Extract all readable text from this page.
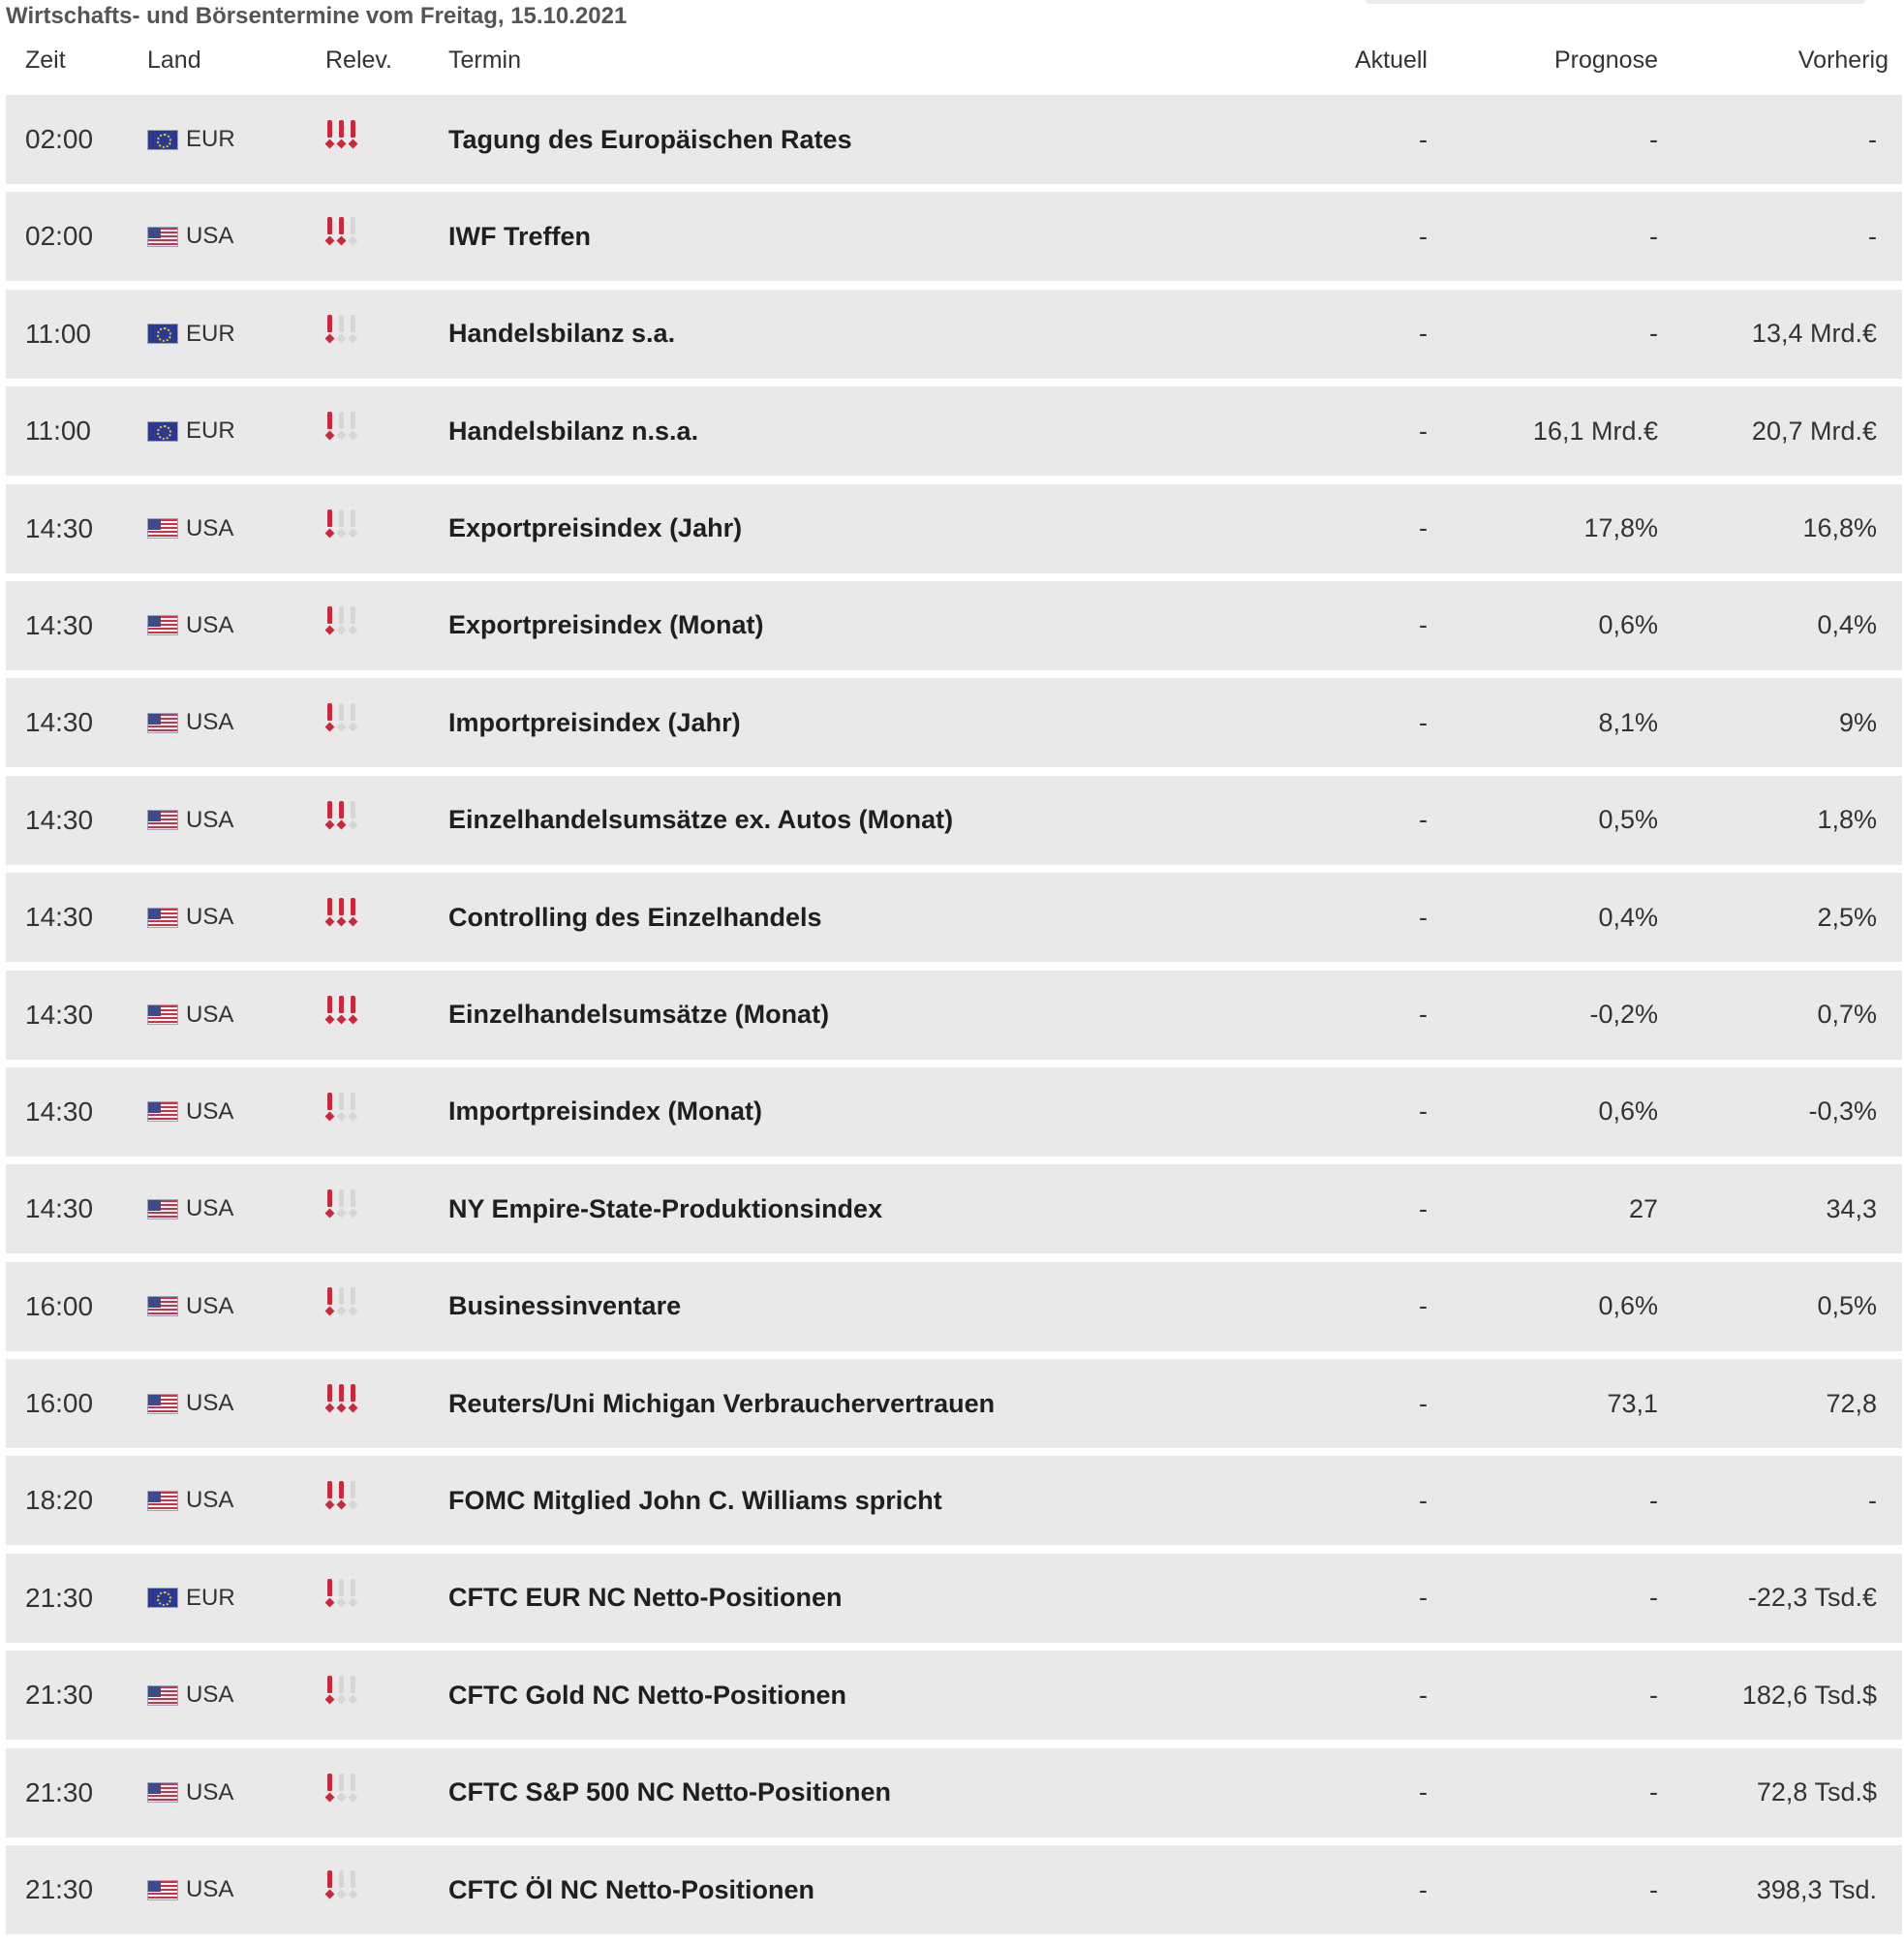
Wirtschafts- und Börsentermine vom Freitag, 15.10.2021
Zeit	Land	Relev. Termin	Aktuell	Prognose	Vorherig
02:00	EUR	Tagung des Europäischen Rates	-	-	-
02:00	USA	IWF Treffen	-	-	-
11:00	EUR	Handelsbilanz s.a.	-	-	13,4 Mrd.€
11:00	EUR	Handelsbilanz n.s.a.	-	16,1 Mrd.€	20,7 Mrd.€
14:30	USA	Exportpreisindex (Jahr)	-	17,8%	16,8%
14:30	USA	Exportpreisindex (Monat)	-	0,6%	0,4%
14:30	USA	Importpreisindex (Jahr)	-	8,1%	9%
14:30	USA	Einzelhandelsumsätze ex. Autos (Monat)	-	0,5%	1,8%
14:30	USA	Controlling des Einzelhandels	-	0,4%	2,5%
14:30	USA	Einzelhandelsumsätze (Monat)	-	-0,2%	0,7%
14:30	USA	Importpreisindex (Monat)	-	0,6%	-0,3%
14:30	USA	NY Empire-State-Produktionsindex	-	27	34,3
16:00	USA	Businessinventare	-	0,6%	0,5%
16:00	USA	Reuters/Uni Michigan Verbrauchervertrauen	-	73,1	72,8
18:20	USA	FOMC Mitglied John C. Williams spricht	-	-	-
21:30	EUR	CFTC EUR NC Netto-Positionen	-	-	-22,3 Tsd.€
21:30	USA	CFTC Gold NC Netto-Positionen	-	-	182,6 Tsd.$
21:30	USA	CFTC S&P 500 NC Netto-Positionen	-	-	72,8 Tsd.$
21:30	USA	CFTC Öl NC Netto-Positionen	-	-	398,3 Tsd.
